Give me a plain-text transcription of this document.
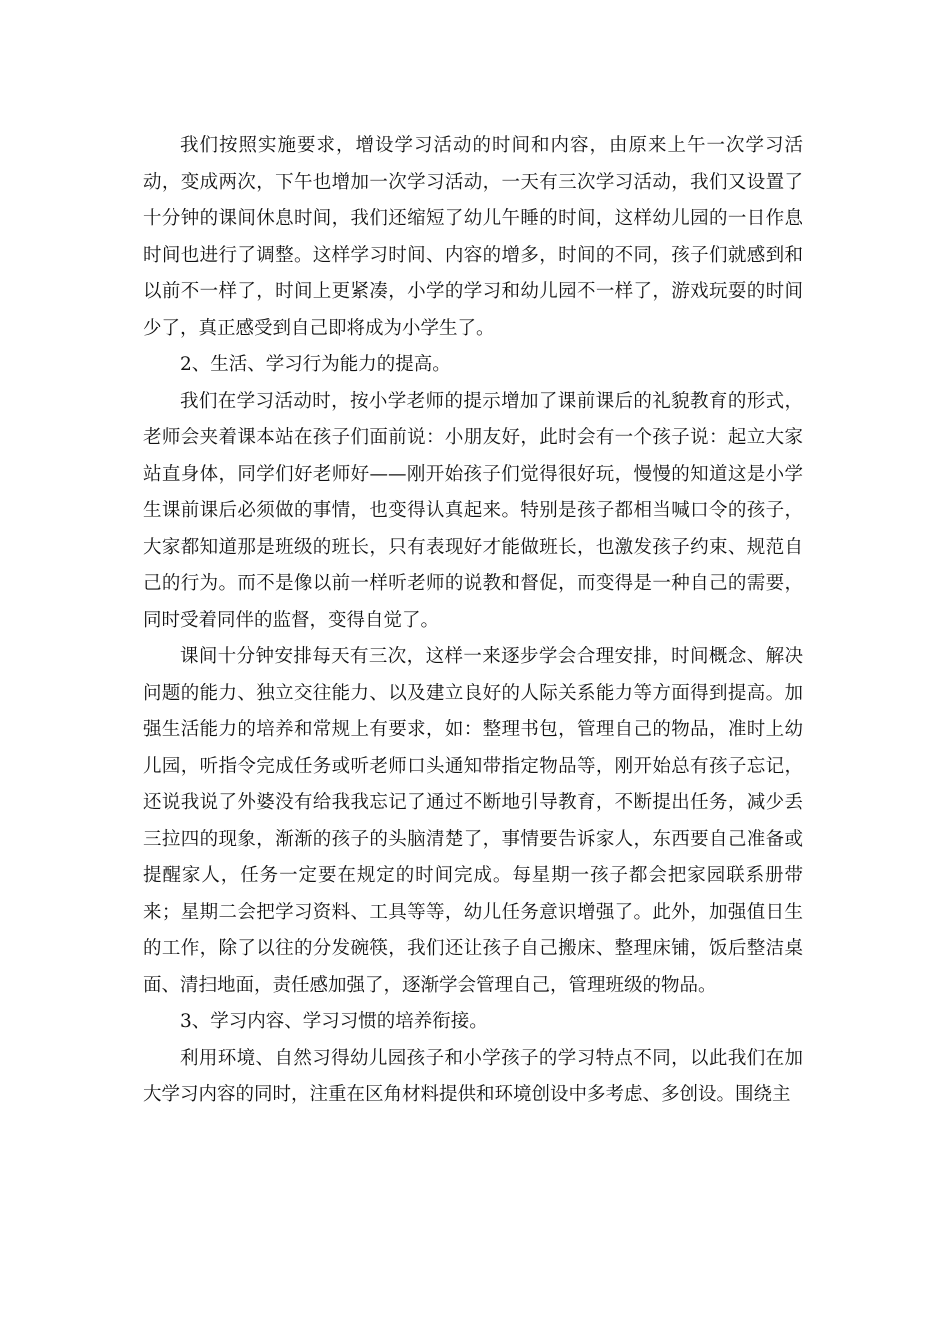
我们按照实施要求，增设学习活动的时间和内容，由原来上午一次学习活动，变成两次，下午也增加一次学习活动，一天有三次学习活动，我们又设置了十分钟的课间休息时间，我们还缩短了幼儿午睡的时间，这样幼儿园的一日作息时间也进行了调整。这样学习时间、内容的增多，时间的不同，孩子们就感到和以前不一样了，时间上更紧凑，小学的学习和幼儿园不一样了，游戏玩耍的时间少了，真正感受到自己即将成为小学生了。

2、生活、学习行为能力的提高。

我们在学习活动时，按小学老师的提示增加了课前课后的礼貌教育的形式，老师会夹着课本站在孩子们面前说：小朋友好，此时会有一个孩子说：起立大家站直身体，同学们好老师好——刚开始孩子们觉得很好玩，慢慢的知道这是小学生课前课后必须做的事情，也变得认真起来。特别是孩子都相当喊口令的孩子，大家都知道那是班级的班长，只有表现好才能做班长，也激发孩子约束、规范自己的行为。而不是像以前一样听老师的说教和督促，而变得是一种自己的需要，同时受着同伴的监督，变得自觉了。

课间十分钟安排每天有三次，这样一来逐步学会合理安排，时间概念、解决问题的能力、独立交往能力、以及建立良好的人际关系能力等方面得到提高。加强生活能力的培养和常规上有要求，如：整理书包，管理自己的物品，准时上幼儿园，听指令完成任务或听老师口头通知带指定物品等，刚开始总有孩子忘记，还说我说了外婆没有给我我忘记了通过不断地引导教育，不断提出任务，减少丢三拉四的现象，渐渐的孩子的头脑清楚了，事情要告诉家人，东西要自己准备或提醒家人，任务一定要在规定的时间完成。每星期一孩子都会把家园联系册带来；星期二会把学习资料、工具等等，幼儿任务意识增强了。此外，加强值日生的工作，除了以往的分发碗筷，我们还让孩子自己搬床、整理床铺，饭后整洁桌面、清扫地面，责任感加强了，逐渐学会管理自己，管理班级的物品。

3、学习内容、学习习惯的培养衔接。

利用环境、自然习得幼儿园孩子和小学孩子的学习特点不同，以此我们在加大学习内容的同时，注重在区角材料提供和环境创设中多考虑、多创设。围绕主
